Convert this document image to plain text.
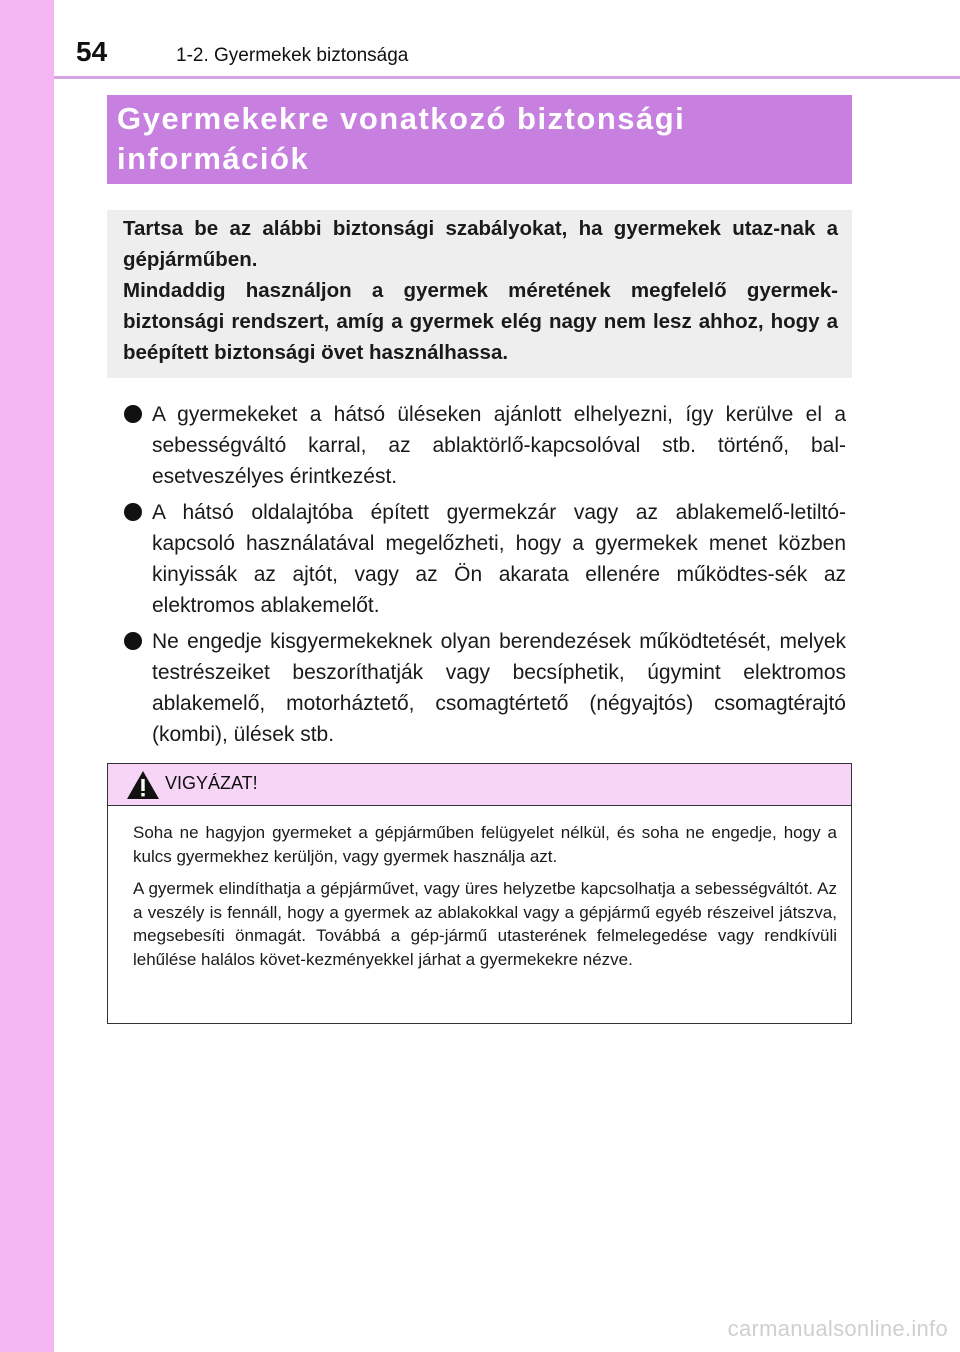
54	1-2. Gyermekek biztonsága
Gyermekekre vonatkozó biztonsági
információk

Tartsa be az alábbi biztonsági szabályokat, ha gyermekek utaz-nak a gépjárműben.

Mindaddig használjon a gyermek méretének megfelelő gyermek-biztonsági rendszert, amíg a gyermek elég nagy nem lesz ahhoz, hogy a beépített biztonsági övet használhassa.

A gyermekeket a hátsó üléseken ajánlott elhelyezni, így kerülve el a sebességváltó karral, az ablaktörlő-kapcsolóval stb. történő, bal-esetveszélyes érintkezést.
A hátsó oldalajtóba épített gyermekzár vagy az ablakemelő-letiltó-kapcsoló használatával megelőzheti, hogy a gyermekek menet közben kinyissák az ajtót, vagy az Ön akarata ellenére működtes-sék az elektromos ablakemelőt.
Ne engedje kisgyermekeknek olyan berendezések működtetését, melyek testrészeiket beszoríthatják vagy becsíphetik, úgymint elektromos ablakemelő, motorháztető, csomagtértető (négyajtós) csomagtérajtó (kombi), ülések stb.
VIGYÁZAT!

Soha ne hagyjon gyermeket a gépjárműben felügyelet nélkül, és soha ne engedje, hogy a kulcs gyermekhez kerüljön, vagy gyermek használja azt.

A gyermek elindíthatja a gépjárművet, vagy üres helyzetbe kapcsolhatja a sebességváltót. Az a veszély is fennáll, hogy a gyermek az ablakokkal vagy a gépjármű egyéb részeivel játszva, megsebesíti önmagát. Továbbá a gép-jármű utasterének felmelegedése vagy rendkívüli lehűlése halálos követ-kezményekkel járhat a gyermekekre nézve.

carmanualsonline.info
